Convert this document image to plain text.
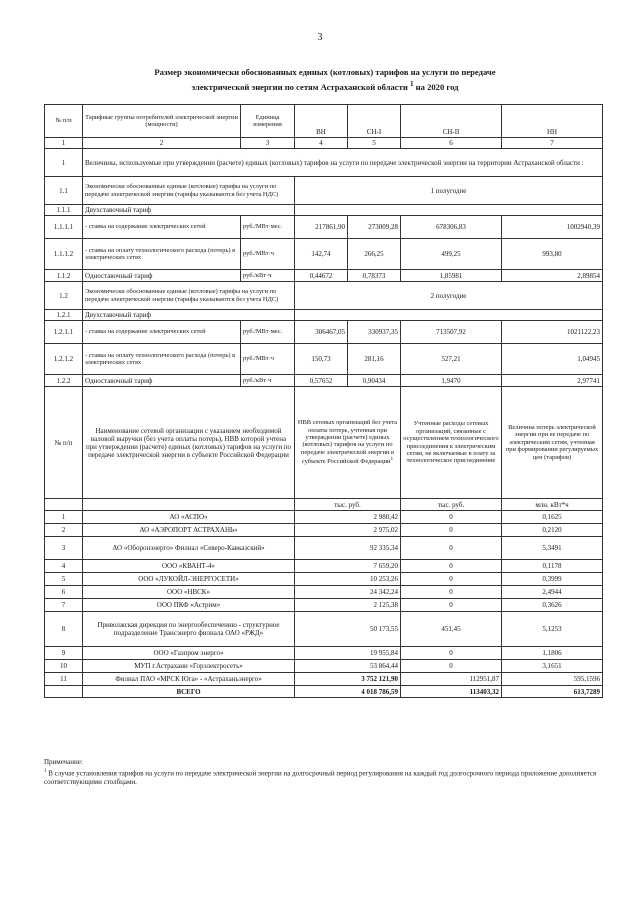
3
Размер экономически обоснованных единых (котловых) тарифов на услуги по передаче
электрической энергии по сетям Астраханской области $^1$ на 2020 год
№ п/п	Тарифные группы потребителей электрической энергии (мощности)	Единица измерения	ВН	СН-I	СН-II	НН
1	2	3	4	5	6	7
1	Величины, используемые при утверждении (расчете) единых (котловых) тарифов на услуги по передаче электрической энергии на территории Астраханской области :					
1.1	Экономически обоснованные единые (котловые) тарифы на услуги по передаче электрической энергии (тарифы указываются без учета НДС)		1 полугодие			
1.1.1	Двухставочный тариф					
1.1.1.1	- ставка на содержание электрических сетей	руб./МВт·мес.	217861,90	273009,28	678306,83	1002940,39
1.1.1.2	- ставка на оплату технологического расхода (потерь) в электрических сетях	руб./МВт·ч	142,74	266,25	499,25	993,80
1.1.2	Одноставочный тариф	руб./кВт·ч	0,44672	0,78373	1,85981	2,89854
1.2	Экономически обоснованные единые (котловые) тарифы на услуги по передаче электрической энергии (тарифы указываются без учета НДС)		2 полугодие			
1.2.1	Двухставочный тариф					
1.2.1.1	- ставка на содержание электрических сетей	руб./МВт·мес.	306467,05	330937,35	713507,92	1021122,23
1.2.1.2	- ставка на оплату технологического расхода (потерь) в электрических сетях	руб./МВт·ч	150,73	281,16	527,21	1,04945
1.2.2	Одноставочный тариф	руб./кВт·ч	0,57652	0,90434	1,9470	2,97741
№ п/п	Наименование сетевой организации с указанием необходимой валовой выручки (без учета оплаты потерь), НВВ которой учтена при утверждении (расчете) единых (котловых) тарифов на услуги по передаче электрической энергии в субъекте Российской Федерации		НВВ сетевых организаций без учета оплаты потерь, учтенная при утверждении (расчете) единых (котловых) тарифов на услуги по передаче электрической энергии в субъекте Российской Федерации$^1$		Учтенные расходы сетевых организаций, связанные с осуществлением технологического присоединения к электрическим сетям, не включаемые в плату за технологическое присоединение	Величина потерь электрической энергии при ее передаче по электрическим сетям, учтенная при формировании регулируемых цен (тарифов)
			тыс. руб.		тыс. руб.	млн. кВт*ч
1	АО «АСПО»		2 980,42		0	0,1625
2	АО «АЭРОПОРТ АСТРАХАНЬ»		2 975,02		0	0,2120
3	АО «Оборонэнерго» Филиал «Северо-Кавказский»		92 335,34		0	5,3491
4	ООО «КВАНТ-4»		7 659,20		0	0,1178
5	ООО «ЛУКОЙЛ-ЭНЕРГОСЕТИ»		10 253,26		0	0,3999
6	ООО «НВСК»		24 342,24		0	2,4944
7	ООО ПКФ «Астрим»		2 125,38		0	0,3626
8	Приволжская дирекция по энергообеспечению - структурное подразделение Трансэнерго филиала ОАО «РЖД»		50 173,55		451,45	5,1253
9	ООО «Газпром энерго»		19 955,84		0	1,1806
10	МУП г.Астрахани «Горэлектросеть»		53 864,44		0	3,1651
11	Филиал ПАО «МРСК Юга» - «Астраханьэнерго»		3 752 121,90		112951,87	595,1596
	ВСЕГО		4 018 786,59		113403,32	613,7289
Примечание:
$^1$ В случае установления тарифов на услуги по передаче электрической энергии на долгосрочный период регулирования на каждый год долгосрочного периода приложение дополняется соответствующими столбцами.
